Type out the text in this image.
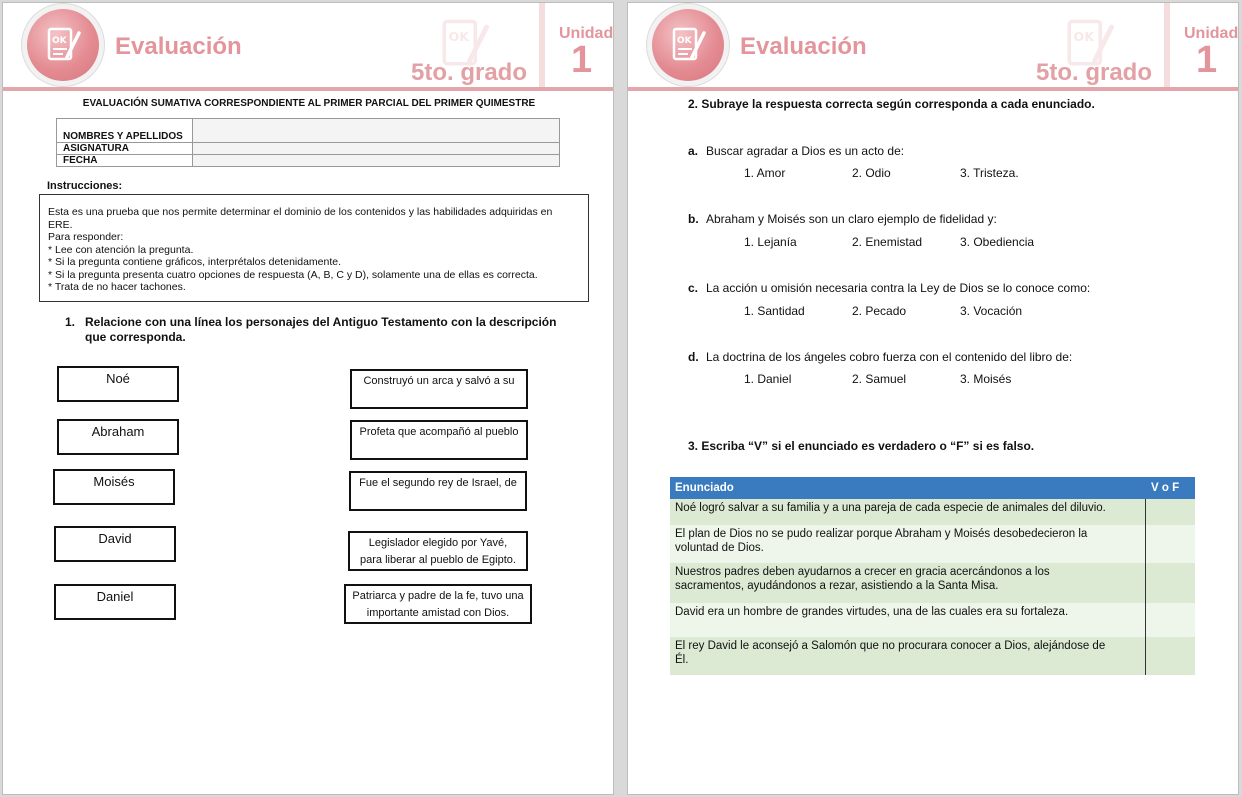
OK Evaluación	OK
5to. grado
Unidad
1
EVALUACIÓN SUMATIVA CORRESPONDIENTE AL PRIMER PARCIAL DEL PRIMER QUIMESTRE
NOMBRES Y APELLIDOS	
ASIGNATURA	
FECHA	
Instrucciones:
Esta es una prueba que nos permite determinar el dominio de los contenidos y las habilidades adquiridas en
ERE.
Para responder:
* Lee con atención la pregunta.
* Si la pregunta contiene gráficos, interprétalos detenidamente.
* Si la pregunta presenta cuatro opciones de respuesta (A, B, C y D), solamente una de ellas es correcta.
* Trata de no hacer tachones.
1. Relacione con una línea los personajes del Antiguo Testamento con la descripción
que corresponda.
Noé
Abraham
Moisés
David
Daniel
Construyó un arca y salvó a su
Profeta que acompañó al pueblo
Fue el segundo rey de Israel, de
Legislador elegido por Yavé,
para liberar al pueblo de Egipto.
Patriarca y padre de la fe, tuvo una
importante amistad con Dios.
OK Evaluación	OK
5to. grado
Unidad
1
2. Subraye la respuesta correcta según corresponda a cada enunciado.
a. Buscar agradar a Dios es un acto de:
1. Amor	2. Odio	3. Tristeza.
b. Abraham y Moisés son un claro ejemplo de fidelidad y:
1. Lejanía	2. Enemistad	3. Obediencia
c. La acción u omisión necesaria contra la Ley de Dios se lo conoce como:
1. Santidad	2. Pecado	3. Vocación
d. La doctrina de los ángeles cobro fuerza con el contenido del libro de:
1. Daniel	2. Samuel	3. Moisés
3. Escriba “V” si el enunciado es verdadero o “F” si es falso.
Enunciado	V o F

Noé logró salvar a su familia y a una pareja de cada especie de animales del diluvio.	

El plan de Dios no se pudo realizar porque Abraham y Moisés desobedecieron la
voluntad de Dios.	

Nuestros padres deben ayudarnos a crecer en gracia acercándonos a los
sacramentos, ayudándonos a rezar, asistiendo a la Santa Misa.	

David era un hombre de grandes virtudes, una de las cuales era su fortaleza.	

El rey David le aconsejó a Salomón que no procurara conocer a Dios, alejándose de
Él.	
